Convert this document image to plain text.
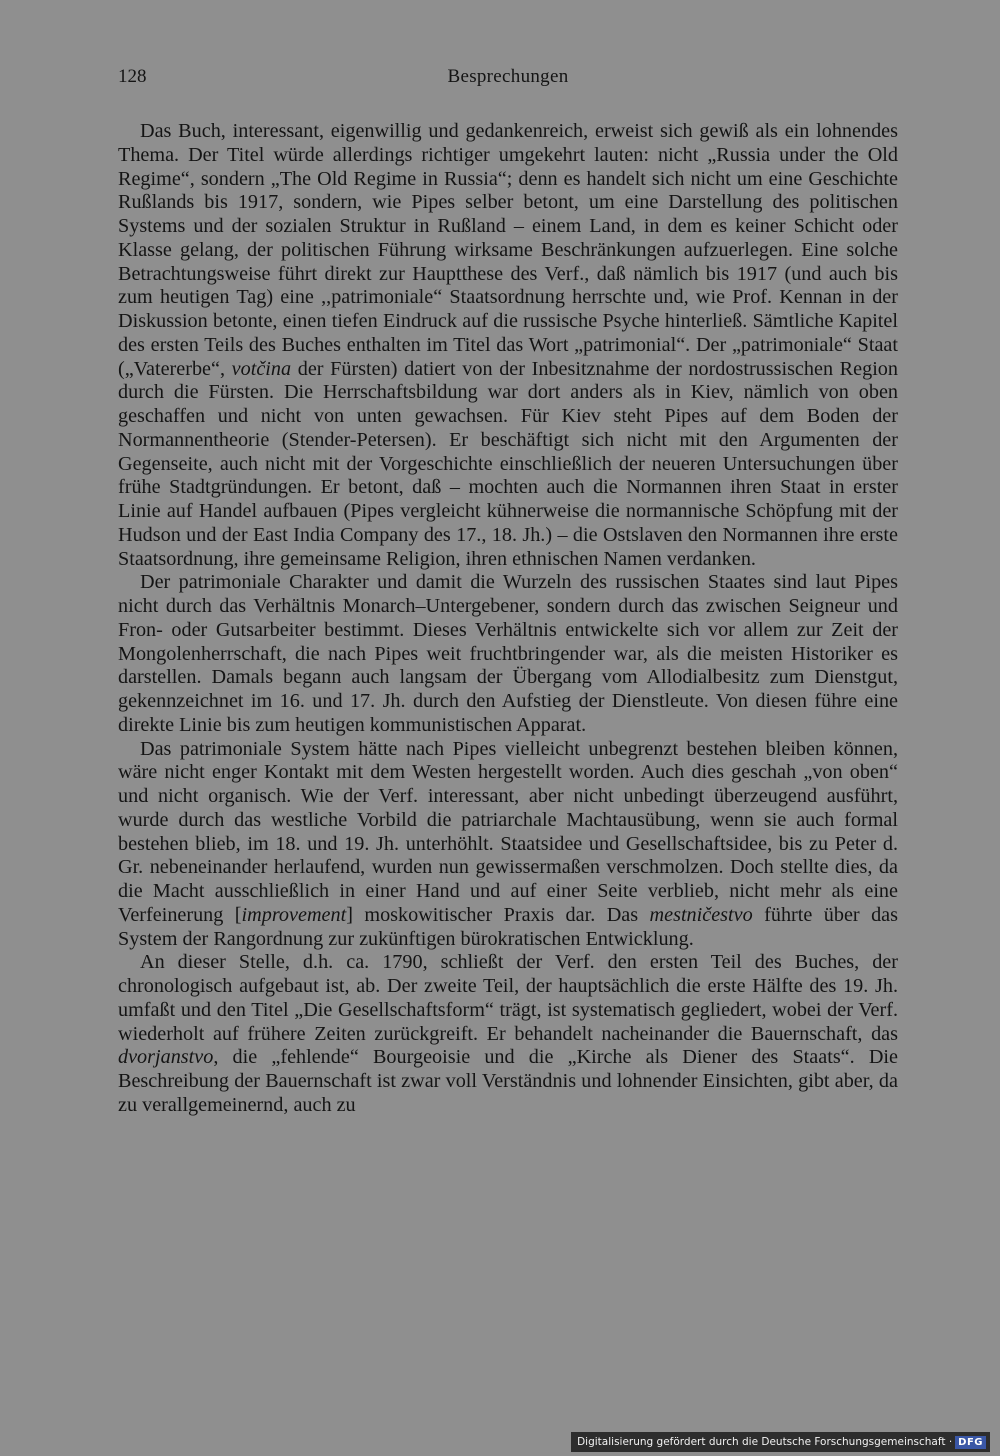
128	Besprechungen

Das Buch, interessant, eigenwillig und gedankenreich, erweist sich gewiß als ein lohnendes Thema. Der Titel würde allerdings richtiger umgekehrt lauten: nicht „Russia under the Old Regime“, sondern „The Old Regime in Russia“; denn es handelt sich nicht um eine Geschichte Rußlands bis 1917, sondern, wie Pipes selber betont, um eine Darstellung des politischen Systems und der sozialen Struktur in Rußland – einem Land, in dem es keiner Schicht oder Klasse gelang, der politischen Führung wirksame Beschränkungen aufzuerlegen. Eine solche Betrachtungsweise führt direkt zur Hauptthese des Verf., daß nämlich bis 1917 (und auch bis zum heutigen Tag) eine ,,patrimoniale“ Staatsordnung herrschte und, wie Prof. Kennan in der Diskussion betonte, einen tiefen Eindruck auf die russische Psyche hinterließ. Sämtliche Kapitel des ersten Teils des Buches enthalten im Titel das Wort „patrimonial“. Der „patrimoniale“ Staat („Vatererbe“, votčina der Fürsten) datiert von der Inbesitznahme der nordostrussischen Region durch die Fürsten. Die Herrschaftsbildung war dort anders als in Kiev, nämlich von oben geschaffen und nicht von unten gewachsen. Für Kiev steht Pipes auf dem Boden der Normannentheorie (Stender-Petersen). Er beschäftigt sich nicht mit den Argumenten der Gegenseite, auch nicht mit der Vorgeschichte einschließlich der neueren Untersuchungen über frühe Stadtgründungen. Er betont, daß – mochten auch die Normannen ihren Staat in erster Linie auf Handel aufbauen (Pipes vergleicht kühnerweise die normannische Schöpfung mit der Hudson und der East India Company des 17., 18. Jh.) – die Ostslaven den Normannen ihre erste Staatsordnung, ihre gemeinsame Religion, ihren ethnischen Namen verdanken.

Der patrimoniale Charakter und damit die Wurzeln des russischen Staates sind laut Pipes nicht durch das Verhältnis Monarch–Untergebener, sondern durch das zwischen Seigneur und Fron- oder Gutsarbeiter bestimmt. Dieses Verhältnis entwickelte sich vor allem zur Zeit der Mongolenherrschaft, die nach Pipes weit fruchtbringender war, als die meisten Historiker es darstellen. Damals begann auch langsam der Übergang vom Allodialbesitz zum Dienstgut, gekennzeichnet im 16. und 17. Jh. durch den Aufstieg der Dienstleute. Von diesen führe eine direkte Linie bis zum heutigen kommunistischen Apparat.

Das patrimoniale System hätte nach Pipes vielleicht unbegrenzt bestehen bleiben können, wäre nicht enger Kontakt mit dem Westen hergestellt worden. Auch dies geschah „von oben“ und nicht organisch. Wie der Verf. interessant, aber nicht unbedingt überzeugend ausführt, wurde durch das westliche Vorbild die patriarchale Machtausübung, wenn sie auch formal bestehen blieb, im 18. und 19. Jh. unterhöhlt. Staatsidee und Gesellschaftsidee, bis zu Peter d. Gr. nebeneinander herlaufend, wurden nun gewissermaßen verschmolzen. Doch stellte dies, da die Macht ausschließlich in einer Hand und auf einer Seite verblieb, nicht mehr als eine Verfeinerung [improvement] moskowitischer Praxis dar. Das mestničestvo führte über das System der Rangordnung zur zukünftigen bürokratischen Entwicklung.

An dieser Stelle, d.h. ca. 1790, schließt der Verf. den ersten Teil des Buches, der chronologisch aufgebaut ist, ab. Der zweite Teil, der hauptsächlich die erste Hälfte des 19. Jh. umfaßt und den Titel „Die Gesellschaftsform“ trägt, ist systematisch gegliedert, wobei der Verf. wiederholt auf frühere Zeiten zurückgreift. Er behandelt nacheinander die Bauernschaft, das dvorjanstvo, die „fehlende“ Bourgeoisie und die „Kirche als Diener des Staats“. Die Beschreibung der Bauernschaft ist zwar voll Verständnis und lohnender Einsichten, gibt aber, da zu verallgemeinernd, auch zu

Digitalisierung gefördert durch die Deutsche Forschungsgemeinschaft · DFG
